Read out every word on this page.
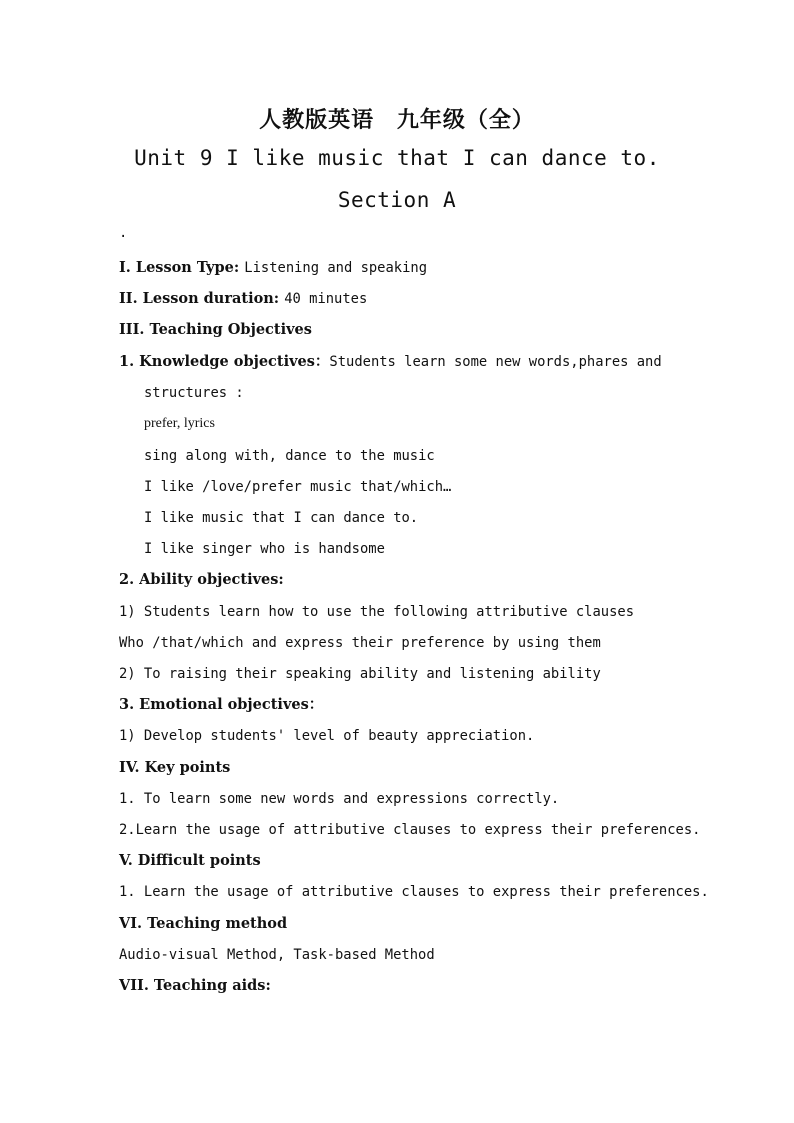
人教版英语 九年级（全）
Unit 9 I like music that I can dance to.
Section A
·
I. Lesson Type: Listening and speaking
II. Lesson duration: 40 minutes
III. Teaching Objectives
1. Knowledge objectives：Students learn some new words,phares and
structures :
prefer, lyrics
sing along with, dance to the music
I like /love/prefer music that/which…
I like music that I can dance to.
I like singer who is handsome
2. Ability objectives:
1) Students learn how to use the following attributive clauses
Who /that/which and express their preference by using them
2) To raising their speaking ability and listening ability
3. Emotional objectives：
1) Develop students' level of beauty appreciation.
IV. Key points
1. To learn some new words and expressions correctly.
2.Learn the usage of attributive clauses to express their preferences.
V. Difficult points
1. Learn the usage of attributive clauses to express their preferences.
VI. Teaching method
Audio-visual Method, Task-based Method
VII. Teaching aids:
